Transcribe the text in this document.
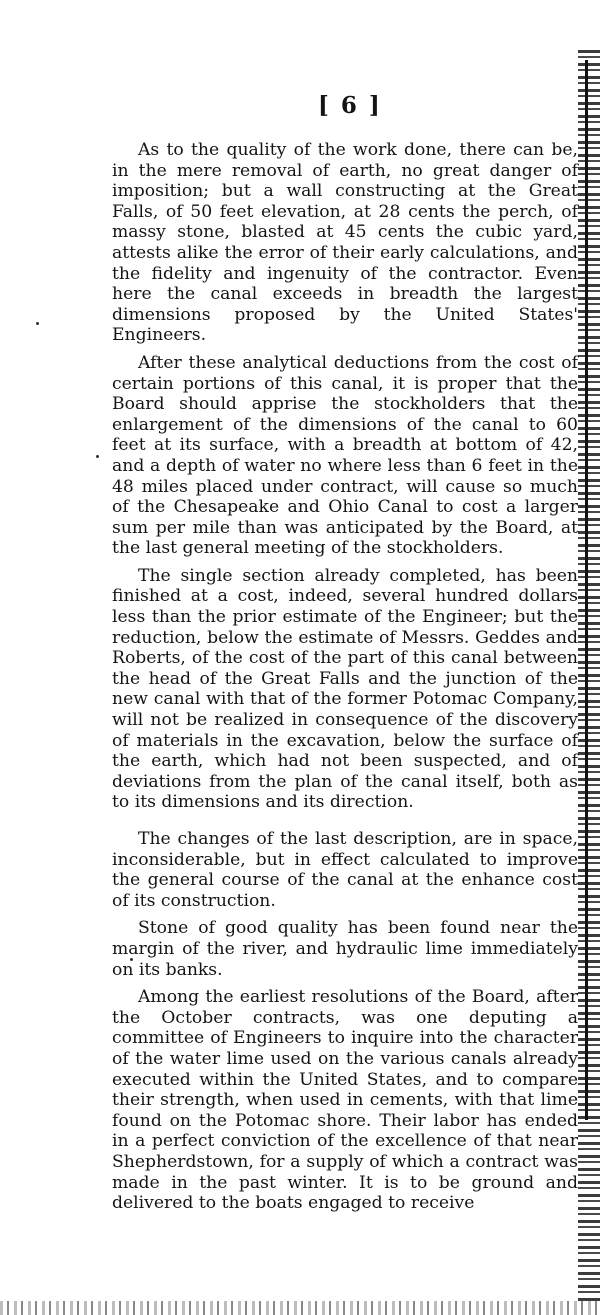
[ 6 ]

As to the quality of the work done, there can be, in the mere removal of earth, no great danger of imposition; but a wall constructing at the Great Falls, of 50 feet elevation, at 28 cents the perch, of massy stone, blasted at 45 cents the cubic yard, attests alike the error of their early calculations, and the fidelity and ingenuity of the contractor. Even here the canal exceeds in breadth the largest dimensions proposed by the United States' Engineers.

After these analytical deductions from the cost of certain portions of this canal, it is proper that the Board should apprise the stockholders that the enlargement of the dimensions of the canal to 60 feet at its surface, with a breadth at bottom of 42, and a depth of water no where less than 6 feet in the 48 miles placed under contract, will cause so much of the Chesapeake and Ohio Canal to cost a larger sum per mile than was anticipated by the Board, at the last general meeting of the stockholders.

The single section already completed, has been finished at a cost, indeed, several hundred dollars less than the prior estimate of the Engineer; but the reduction, below the estimate of Messrs. Geddes and Roberts, of the cost of the part of this canal between the head of the Great Falls and the junction of the new canal with that of the former Potomac Company, will not be realized in consequence of the discovery of materials in the excavation, below the surface of the earth, which had not been suspected, and of deviations from the plan of the canal itself, both as to its dimensions and its direction.

The changes of the last description, are in space, inconsiderable, but in effect calculated to improve the general course of the canal at the enhance cost of its construction.

Stone of good quality has been found near the margin of the river, and hydraulic lime immediately on its banks.

Among the earliest resolutions of the Board, after the October contracts, was one deputing a committee of Engineers to inquire into the character of the water lime used on the various canals already executed within the United States, and to compare their strength, when used in cements, with that lime found on the Potomac shore. Their labor has ended in a perfect conviction of the excellence of that near Shepherdstown, for a supply of which a contract was made in the past winter. It is to be ground and delivered to the boats engaged to receive
